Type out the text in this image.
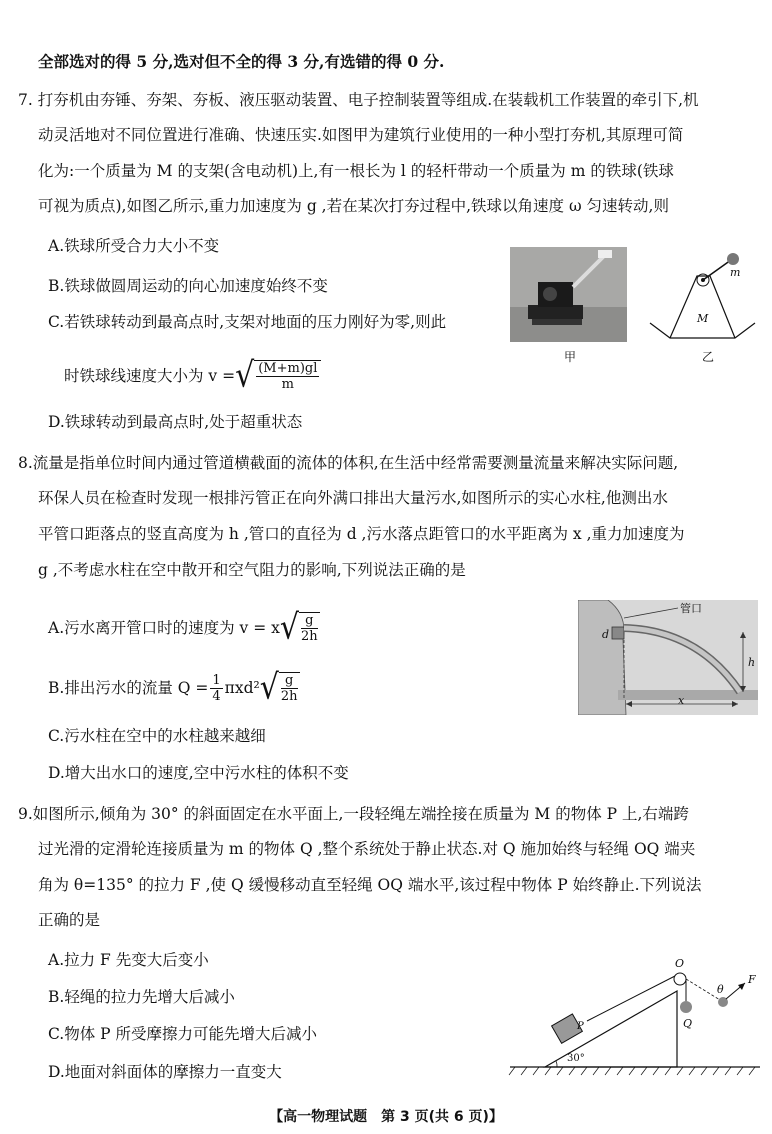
全部选对的得 5 分,选对但不全的得 3 分,有选错的得 0 分.
7. 打夯机由夯锤、夯架、夯板、液压驱动装置、电子控制装置等组成.在装载机工作装置的牵引下,机
动灵活地对不同位置进行准确、快速压实.如图甲为建筑行业使用的一种小型打夯机,其原理可简
化为:一个质量为 M 的支架(含电动机)上,有一根长为 l 的轻杆带动一个质量为 m 的铁球(铁球
可视为质点),如图乙所示,重力加速度为 g ,若在某次打夯过程中,铁球以角速度 ω 匀速转动,则
A.铁球所受合力大小不变
B.铁球做圆周运动的向心加速度始终不变
C.若铁球转动到最高点时,支架对地面的压力刚好为零,则此
时铁球线速度大小为 v = √ $\frac{(M+m)gl}{m}$
D.铁球转动到最高点时,处于超重状态
甲
m
M
乙
8.流量是指单位时间内通过管道横截面的流体的体积,在生活中经常需要测量流量来解决实际问题,
环保人员在检查时发现一根排污管正在向外满口排出大量污水,如图所示的实心水柱,他测出水
平管口距落点的竖直高度为 h ,管口的直径为 d ,污水落点距管口的水平距离为 x ,重力加速度为
g ,不考虑水柱在空中散开和空气阻力的影响,下列说法正确的是
A.污水离开管口时的速度为 v = x √ $\frac{g}{2h}$
B.排出污水的流量 $Q = \frac{1}{4} \pi xd^2$ √ $\frac{g}{2h}$
C.污水柱在空中的水柱越来越细
D.增大出水口的速度,空中污水柱的体积不变
管口
d
h
x
9.如图所示,倾角为 30° 的斜面固定在水平面上,一段轻绳左端拴接在质量为 M 的物体 P 上,右端跨
过光滑的定滑轮连接质量为 m 的物体 Q ,整个系统处于静止状态.对 Q 施加始终与轻绳 OQ 端夹
角为 θ=135° 的拉力 F ,使 Q 缓慢移动直至轻绳 OQ 端水平,该过程中物体 P 始终静止.下列说法
正确的是
A.拉力 F 先变大后变小
B.轻绳的拉力先增大后减小
C.物体 P 所受摩擦力可能先增大后减小
D.地面对斜面体的摩擦力一直变大
O
P	Q
F
θ
30°
【高一物理试题　第 3 页(共 6 页)】
